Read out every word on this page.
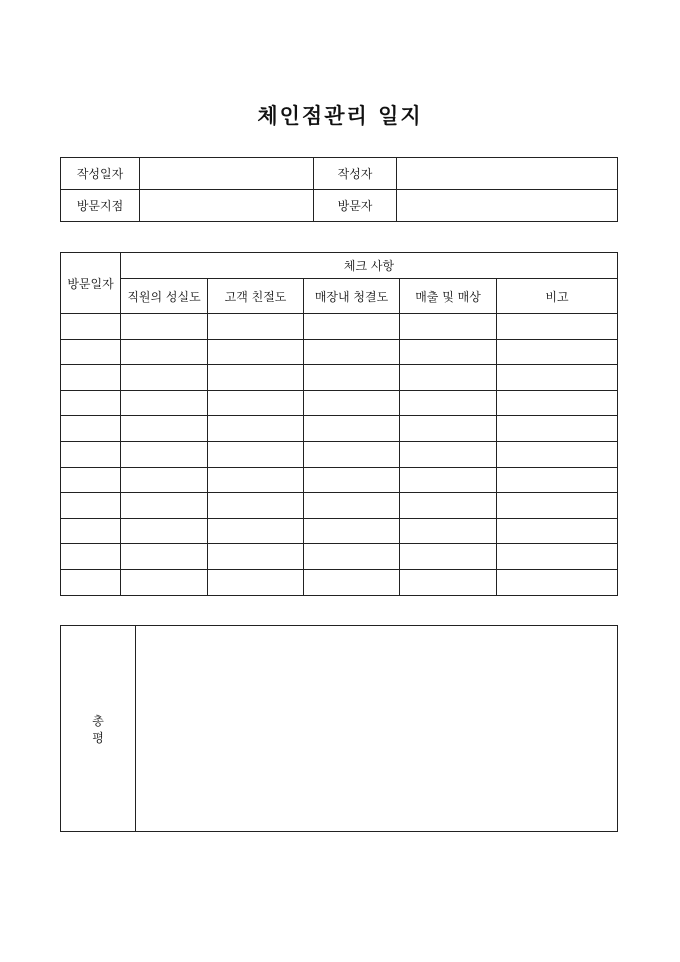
체인점관리 일지
작성일자		작성자	
방문지점		방문자	
방문일자	체크 사항				
	직원의 성실도	고객 친절도	매장내 청결도	매출 및 매상	비고

총 평	
